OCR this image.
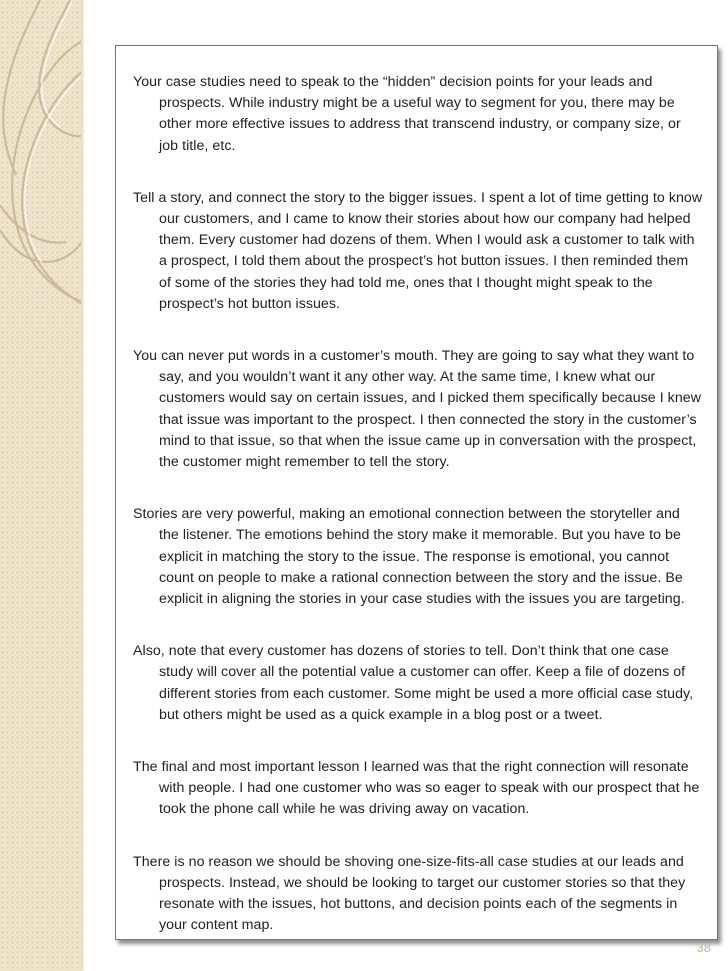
Your case studies need to speak to the “hidden” decision points for your leads and prospects. While industry might be a useful way to segment for you, there may be other more effective issues to address that transcend industry, or company size, or job title, etc.

Tell a story, and connect the story to the bigger issues. I spent a lot of time getting to know our customers, and I came to know their stories about how our company had helped them. Every customer had dozens of them. When I would ask a customer to talk with a prospect, I told them about the prospect’s hot button issues. I then reminded them of some of the stories they had told me, ones that I thought might speak to the prospect’s hot button issues.

You can never put words in a customer’s mouth. They are going to say what they want to say, and you wouldn’t want it any other way. At the same time, I knew what our customers would say on certain issues, and I picked them specifically because I knew that issue was important to the prospect. I then connected the story in the customer’s mind to that issue, so that when the issue came up in conversation with the prospect, the customer might remember to tell the story.

Stories are very powerful, making an emotional connection between the storyteller and the listener. The emotions behind the story make it memorable. But you have to be explicit in matching the story to the issue. The response is emotional, you cannot count on people to make a rational connection between the story and the issue. Be explicit in aligning the stories in your case studies with the issues you are targeting.

Also, note that every customer has dozens of stories to tell. Don’t think that one case study will cover all the potential value a customer can offer. Keep a file of dozens of different stories from each customer. Some might be used a more official case study, but others might be used as a quick example in a blog post or a tweet.

The final and most important lesson I learned was that the right connection will resonate with people. I had one customer who was so eager to speak with our prospect that he took the phone call while he was driving away on vacation.

There is no reason we should be shoving one-size-fits-all case studies at our leads and prospects. Instead, we should be looking to target our customer stories so that they resonate with the issues, hot buttons, and decision points each of the segments in your content map.

38
